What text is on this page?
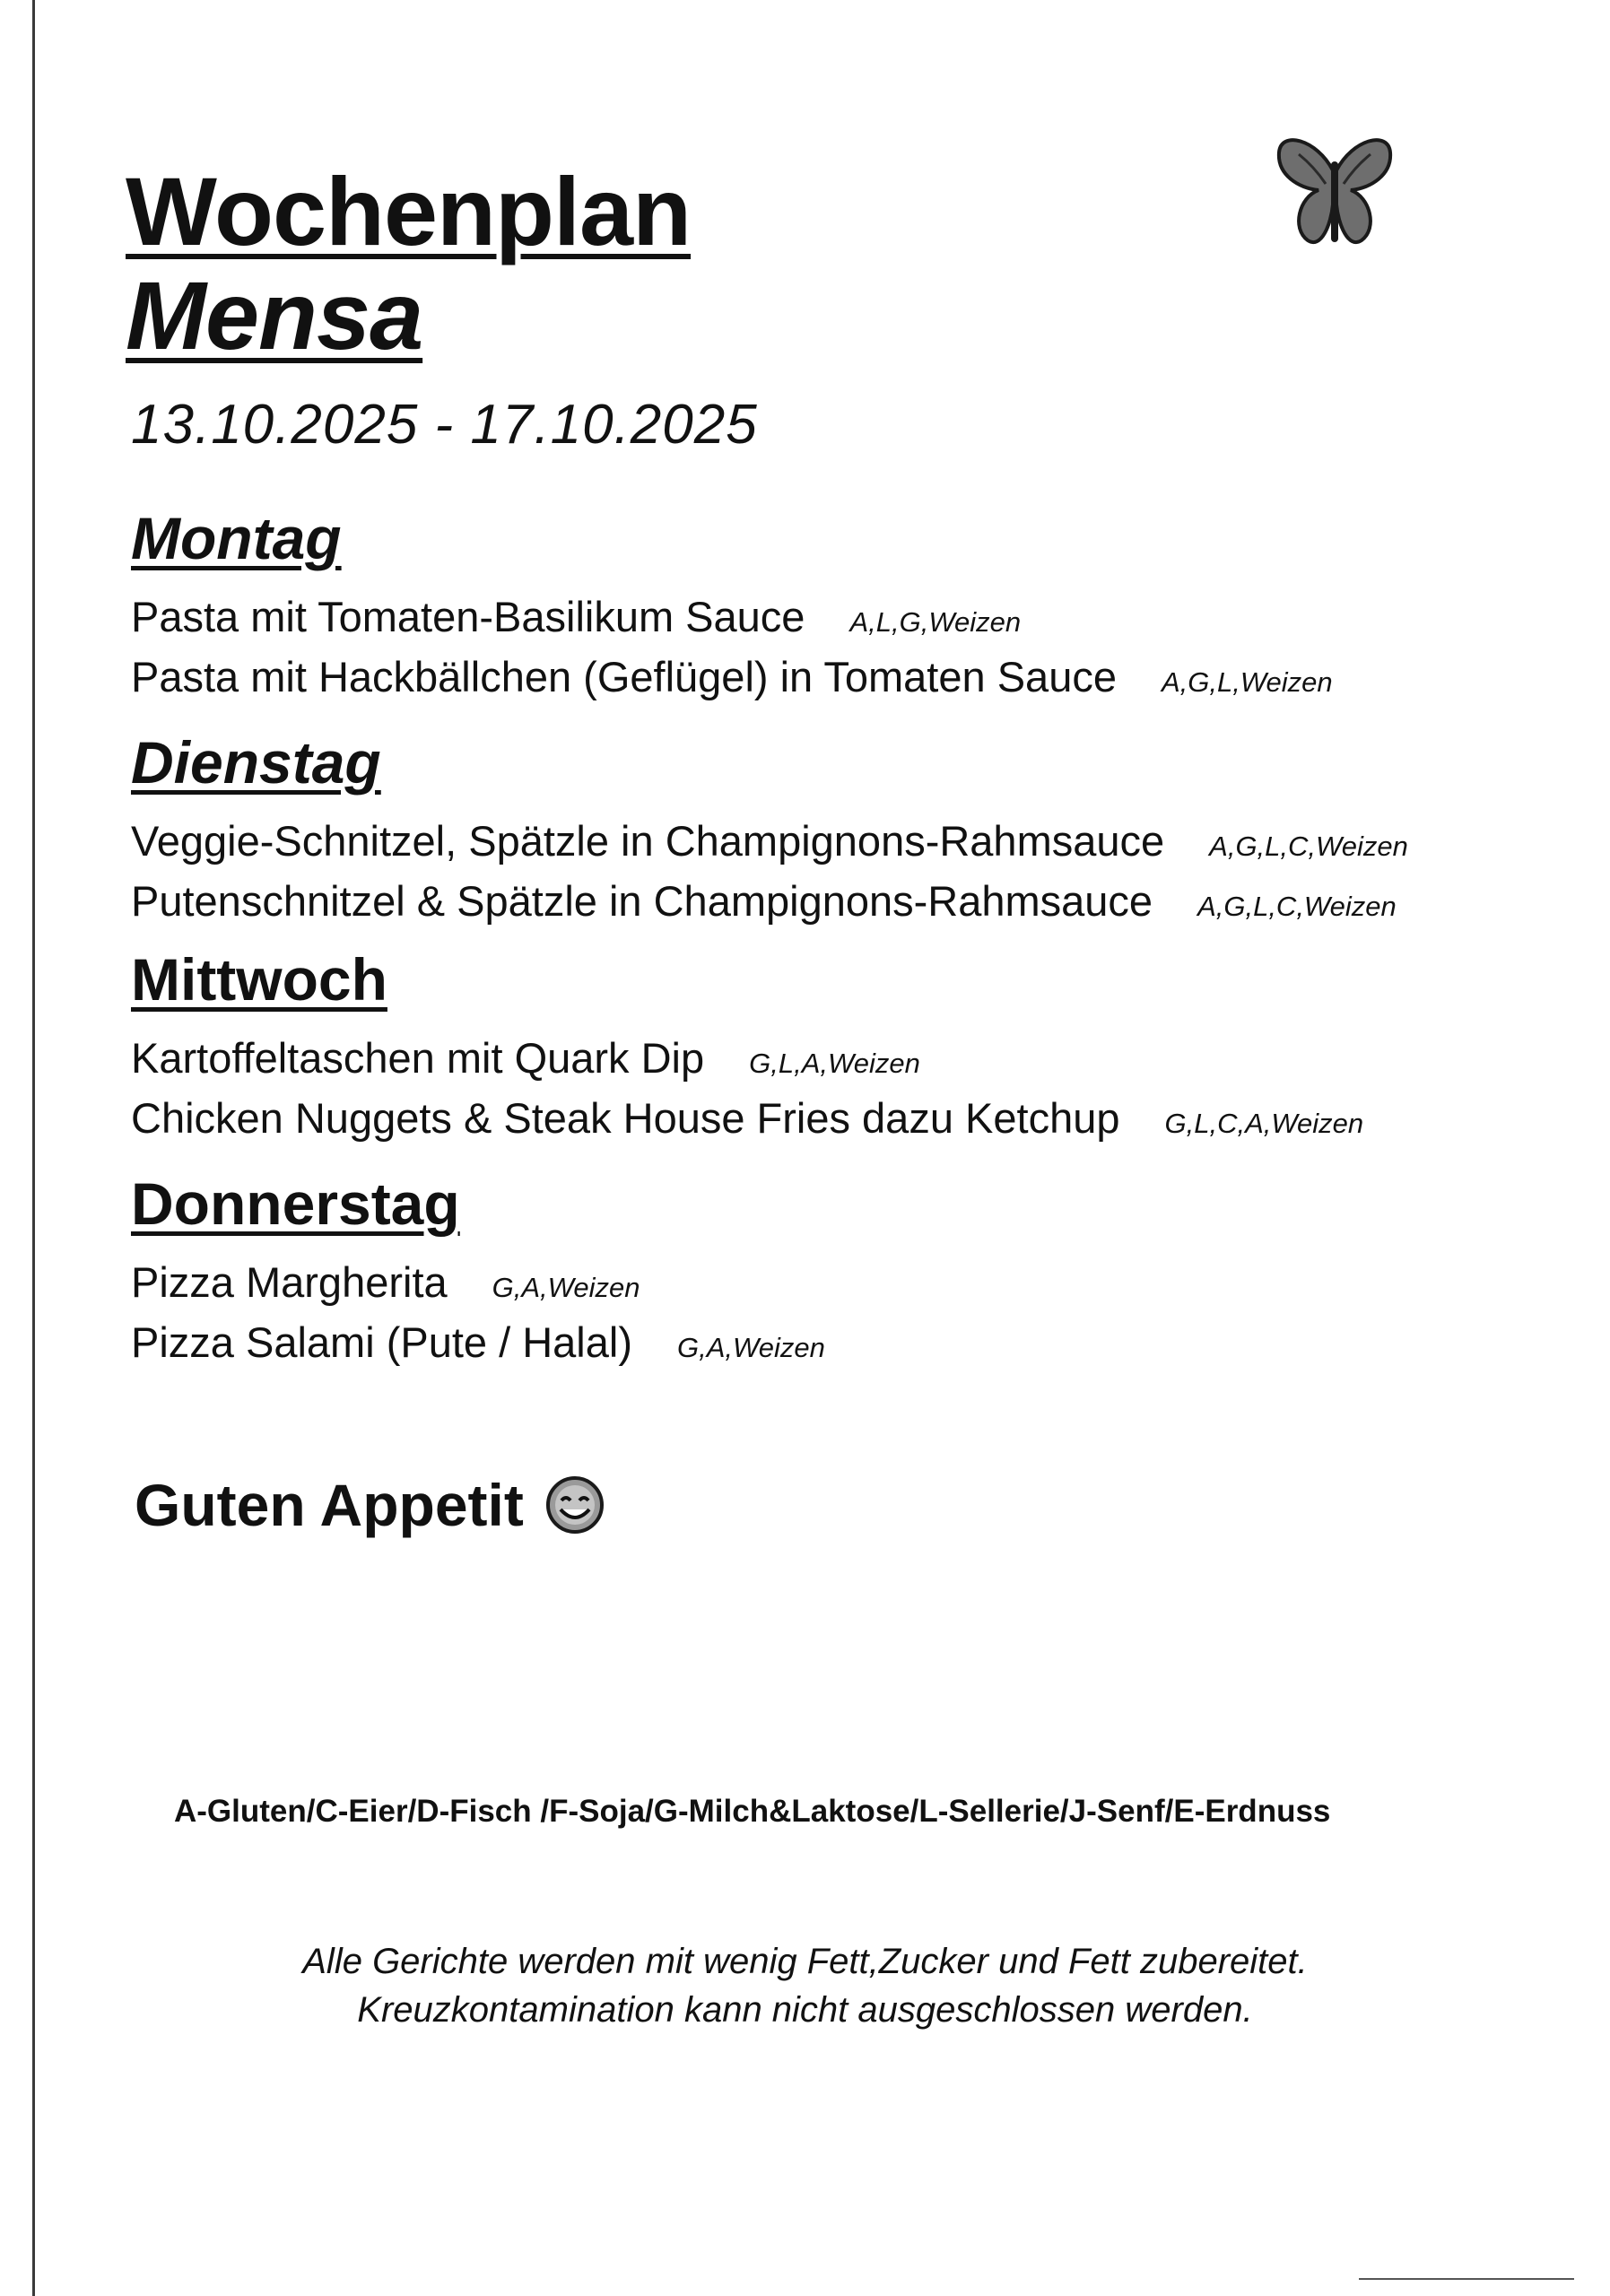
Wochenplan
Mensa

13.10.2025 - 17.10.2025

Montag
Pasta mit Tomaten-Basilikum Sauce A,L,G,Weizen
Pasta mit Hackbällchen (Geflügel) in Tomaten Sauce A,G,L,Weizen
Dienstag
Veggie-Schnitzel, Spätzle in Champignons-Rahmsauce A,G,L,C,Weizen
Putenschnitzel & Spätzle in Champignons-Rahmsauce A,G,L,C,Weizen
Mittwoch
Kartoffeltaschen mit Quark Dip G,L,A,Weizen
Chicken Nuggets & Steak House Fries dazu Ketchup G,L,C,A,Weizen
Donnerstag
Pizza Margherita G,A,Weizen
Pizza Salami (Pute / Halal) G,A,Weizen
Guten Appetit

A-Gluten/C-Eier/D-Fisch /F-Soja/G-Milch&Laktose/L-Sellerie/J-Senf/E-Erdnuss

Alle Gerichte werden mit wenig Fett,Zucker und Fett zubereitet.
Kreuzkontamination kann nicht ausgeschlossen werden.
